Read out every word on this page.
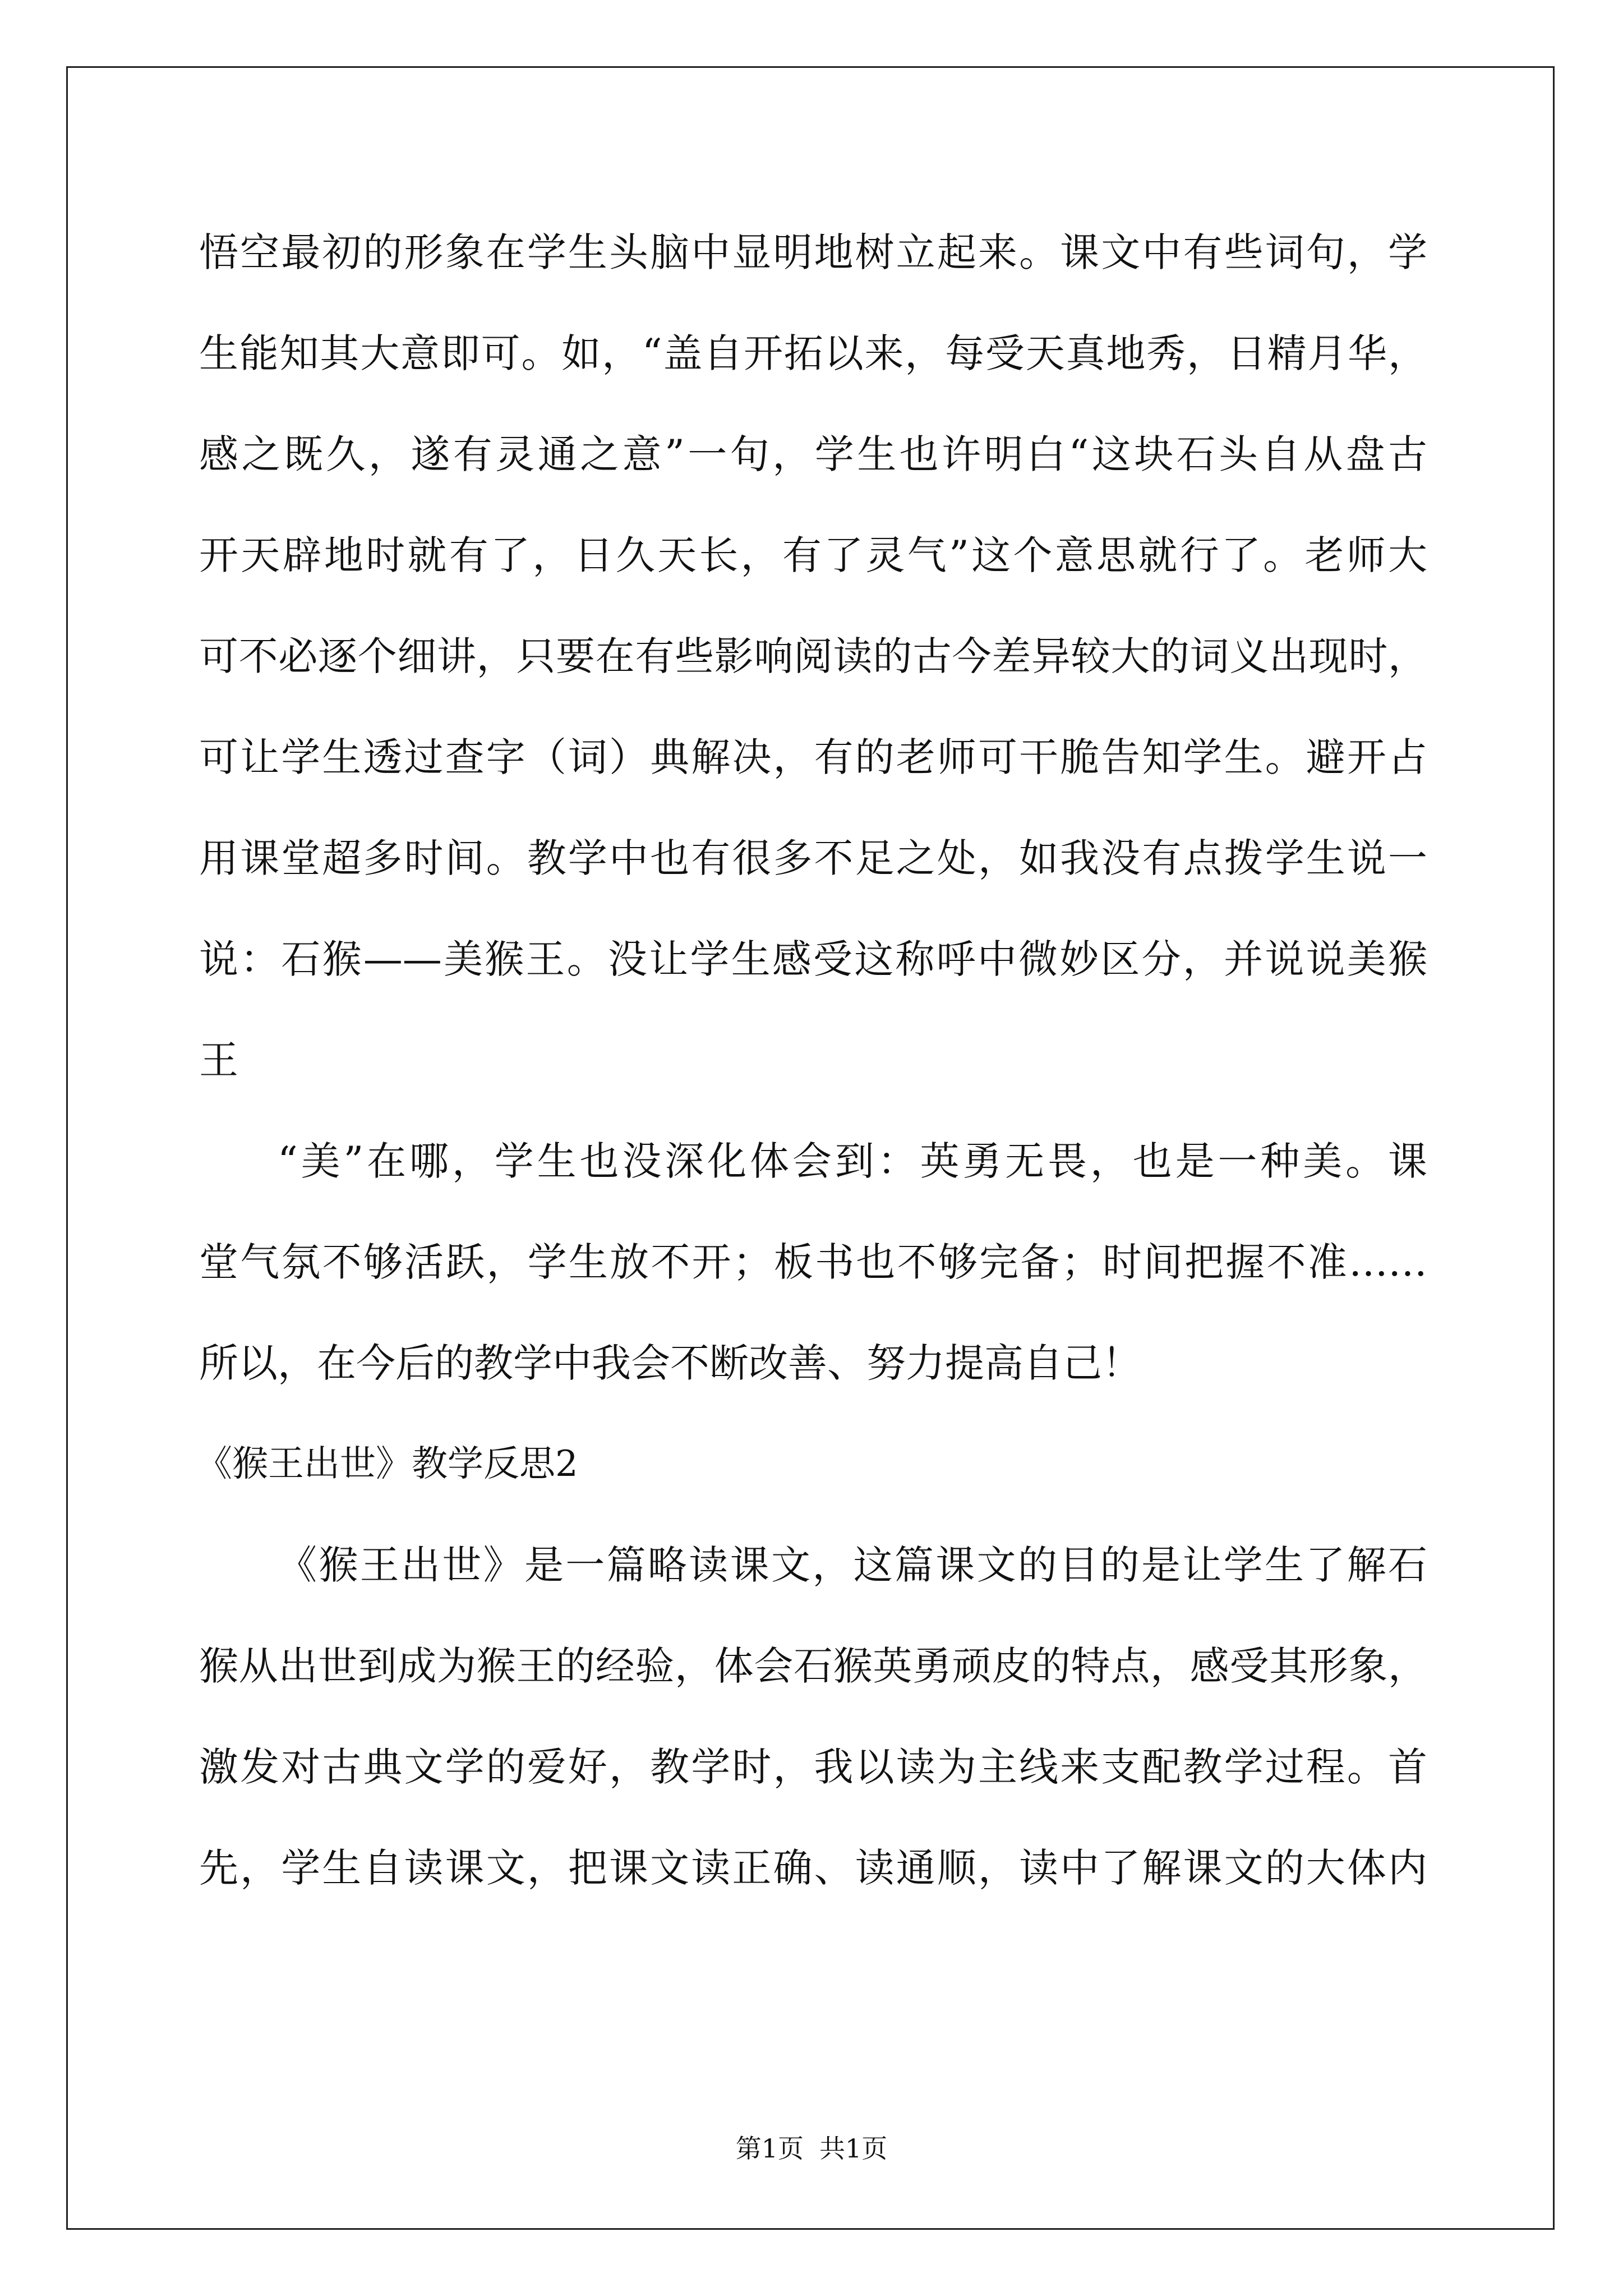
悟空最初的形象在学生头脑中显明地树立起来。课文中有些词句，学
生能知其大意即可。如，“盖自开拓以来，每受天真地秀，日精月华，
感之既久，遂有灵通之意”一句，学生也许明白“这块石头自从盘古
开天辟地时就有了，日久天长，有了灵气”这个意思就行了。老师大
可不必逐个细讲，只要在有些影响阅读的古今差异较大的词义出现时，
可让学生透过查字（词）典解决，有的老师可干脆告知学生。避开占
用课堂超多时间。教学中也有很多不足之处，如我没有点拨学生说一
说：石猴——美猴王。没让学生感受这称呼中微妙区分，并说说美猴
王
“美”在哪，学生也没深化体会到：英勇无畏，也是一种美。课
堂气氛不够活跃，学生放不开；板书也不够完备；时间把握不准……
所以，在今后的教学中我会不断改善、努力提高自己！
《猴王出世》教学反思2
《猴王出世》是一篇略读课文，这篇课文的目的是让学生了解石
猴从出世到成为猴王的经验，体会石猴英勇顽皮的特点，感受其形象，
激发对古典文学的爱好，教学时，我以读为主线来支配教学过程。首
先，学生自读课文，把课文读正确、读通顺，读中了解课文的大体内
第1页 共1页
